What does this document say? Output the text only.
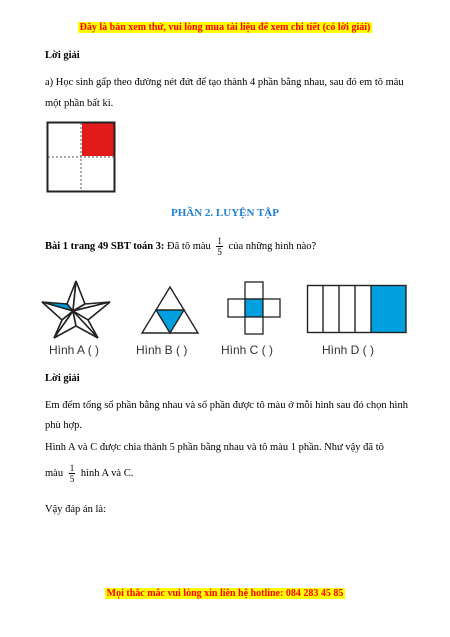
Đây là bản xem thử, vui lòng mua tài liệu để xem chi tiết (có lời giải)
Lời giải
a) Học sinh gấp theo đường nét đứt để tạo thành 4 phần bằng nhau, sau đó em tô màu một phần bất kì.
PHẦN 2. LUYỆN TẬP
Bài 1 trang 49 SBT toán 3: Đã tô màu $\frac{1}{5}$ của những hình nào?
Hình A ( )	Hình B ( )	Hình C ( )	Hình D ( )
Lời giải
Em đếm tổng số phần bằng nhau và số phần được tô màu ở mỗi hình sau đó chọn hình phù hợp.
Hình A và C được chia thành 5 phần bằng nhau và tô màu 1 phần. Như vậy đã tô
màu $\frac{1}{5}$ hình A và C.
Vậy đáp án là:
Mọi thắc mắc vui lòng xin liên hệ hotline: 084 283 45 85
